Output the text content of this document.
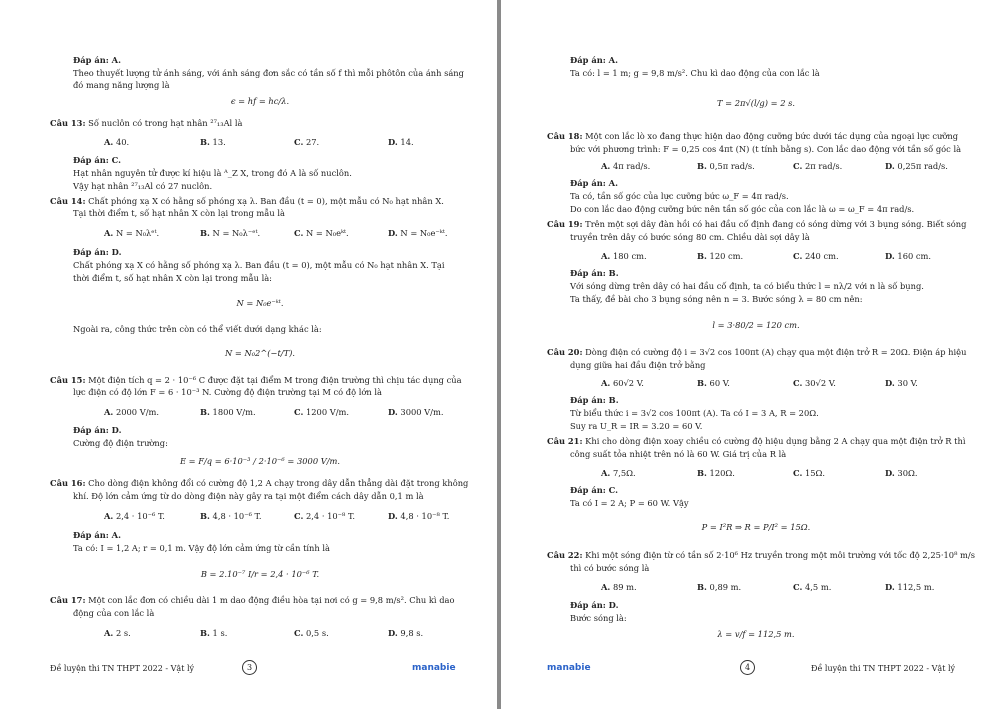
Đáp án: A.
Theo thuyết lượng tử ánh sáng, với ánh sáng đơn sắc có tần số f thì mỗi phôtôn của ánh sáng
đó mang năng lượng là
ϵ = hf = hc/λ.
Câu 13: Số nuclôn có trong hạt nhân ²⁷₁₃Al là
A. 40.	B. 13.	C. 27.	D. 14.
Đáp án: C.
Hạt nhân nguyên tử được kí hiệu là ᴬ_Z X, trong đó A là số nuclôn.
Vậy hạt nhân ²⁷₁₃Al có 27 nuclôn.
Câu 14: Chất phóng xạ X có hằng số phóng xạ λ. Ban đầu (t = 0), một mẫu có N₀ hạt nhân X.
Tại thời điểm t, số hạt nhân X còn lại trong mẫu là
A. N = N₀λᵉᵗ.	B. N = N₀λ⁻ᵉᵗ.	C. N = N₀eᵏᵗ.	D. N = N₀e⁻ᵏᵗ.
Đáp án: D.
Chất phóng xạ X có hằng số phóng xạ λ. Ban đầu (t = 0), một mẫu có N₀ hạt nhân X. Tại
thời điểm t, số hạt nhân X còn lại trong mẫu là:
N = N₀e⁻ᵏᵗ.
Ngoài ra, công thức trên còn có thể viết dưới dạng khác là:
N = N₀2^(−t/T).
Câu 15: Một điện tích q = 2 · 10⁻⁶ C được đặt tại điểm M trong điện trường thì chịu tác dụng của
lực điện có độ lớn F = 6 · 10⁻³ N. Cường độ điện trường tại M có độ lớn là
A. 2000 V/m.	B. 1800 V/m.	C. 1200 V/m.	D. 3000 V/m.
Đáp án: D.
Cường độ điện trường:
E = F/q = 6·10⁻³ / 2·10⁻⁶ = 3000 V/m.
Câu 16: Cho dòng điện không đổi có cường độ 1,2 A chạy trong dây dẫn thẳng dài đặt trong không
khí. Độ lớn cảm ứng từ do dòng điện này gây ra tại một điểm cách dây dẫn 0,1 m là
A. 2,4 · 10⁻⁶ T.	B. 4,8 · 10⁻⁶ T.	C. 2,4 · 10⁻⁸ T.	D. 4,8 · 10⁻⁸ T.
Đáp án: A.
Ta có: I = 1,2 A; r = 0,1 m. Vậy độ lớn cảm ứng từ cần tính là
B = 2.10⁻⁷ I/r = 2,4 · 10⁻⁶ T.
Câu 17: Một con lắc đơn có chiều dài 1 m dao động điều hòa tại nơi có g = 9,8 m/s². Chu kì dao
động của con lắc là
A. 2 s.	B. 1 s.	C. 0,5 s.	D. 9,8 s.
Đề luyện thi TN THPT 2022 - Vật lý	3	manabie
Đáp án: A.
Ta có: l = 1 m; g = 9,8 m/s². Chu kì dao động của con lắc là
T = 2π√(l/g) = 2 s.
Câu 18: Một con lắc lò xo đang thực hiện dao động cưỡng bức dưới tác dụng của ngoại lực cưỡng
bức với phương trình: F = 0,25 cos 4πt (N) (t tính bằng s). Con lắc dao động với tần số góc là
A. 4π rad/s.	B. 0,5π rad/s.	C. 2π rad/s.	D. 0,25π rad/s.
Đáp án: A.
Ta có, tần số góc của lực cưỡng bức ω_F = 4π rad/s.
Do con lắc dao động cưỡng bức nên tần số góc của con lắc là ω = ω_F = 4π rad/s.
Câu 19: Trên một sợi dây đàn hồi có hai đầu cố định đang có sóng dừng với 3 bụng sóng. Biết sóng
truyền trên dây có bước sóng 80 cm. Chiều dài sợi dây là
A. 180 cm.	B. 120 cm.	C. 240 cm.	D. 160 cm.
Đáp án: B.
Với sóng dừng trên dây có hai đầu cố định, ta có biểu thức l = nλ/2 với n là số bụng.
Ta thấy, đề bài cho 3 bụng sóng nên n = 3. Bước sóng λ = 80 cm nên:
l = 3·80/2 = 120 cm.
Câu 20: Dòng điện có cường độ i = 3√2 cos 100πt (A) chạy qua một điện trở R = 20Ω. Điện áp hiệu
dụng giữa hai đầu điện trở bằng
A. 60√2 V.	B. 60 V.	C. 30√2 V.	D. 30 V.
Đáp án: B.
Từ biểu thức i = 3√2 cos 100πt (A). Ta có I = 3 A, R = 20Ω.
Suy ra U_R = IR = 3.20 = 60 V.
Câu 21: Khi cho dòng điện xoay chiều có cường độ hiệu dụng bằng 2 A chạy qua một điện trở R thì
công suất tỏa nhiệt trên nó là 60 W. Giá trị của R là
A. 7,5Ω.	B. 120Ω.	C. 15Ω.	D. 30Ω.
Đáp án: C.
Ta có I = 2 A; P = 60 W. Vậy
P = I²R ⇒ R = P/I² = 15Ω.
Câu 22: Khi một sóng điện từ có tần số 2·10⁶ Hz truyền trong một môi trường với tốc độ 2,25·10⁸ m/s
thì có bước sóng là
A. 89 m.	B. 0,89 m.	C. 4,5 m.	D. 112,5 m.
Đáp án: D.
Bước sóng là:
λ = v/f = 112,5 m.
manabie	4	Đề luyện thi TN THPT 2022 - Vật lý
